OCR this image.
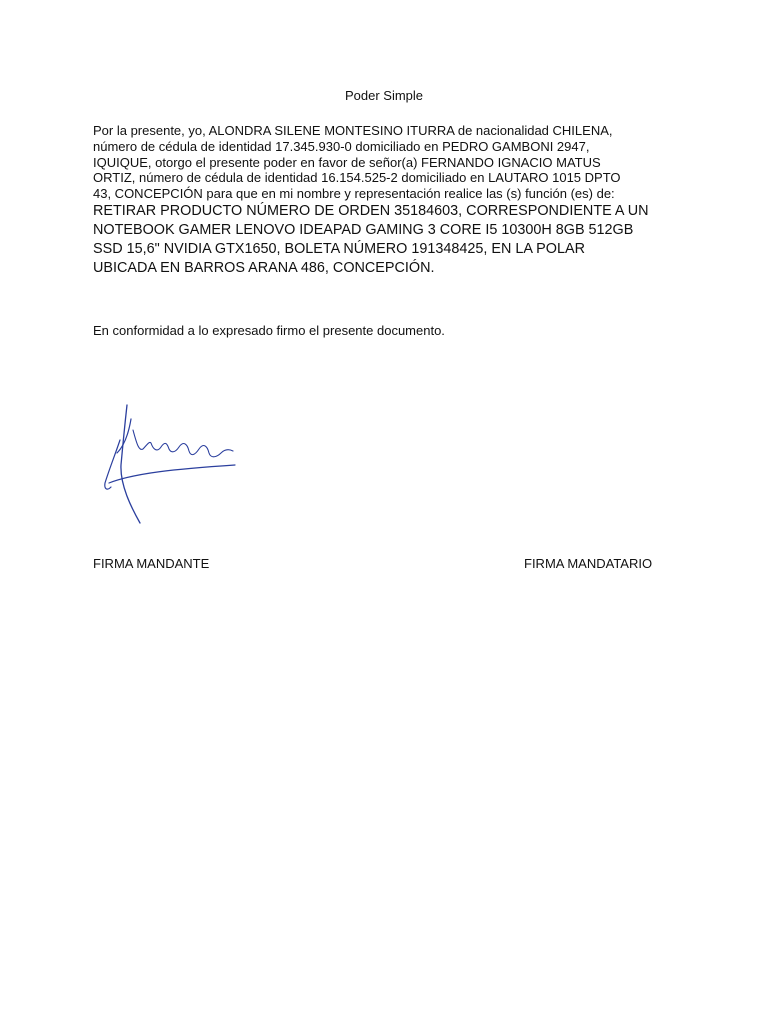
Poder Simple
Por la presente, yo, ALONDRA SILENE MONTESINO ITURRA de nacionalidad CHILENA,
número de cédula de identidad 17.345.930-0 domiciliado en PEDRO GAMBONI 2947,
IQUIQUE, otorgo el presente poder en favor de señor(a) FERNANDO IGNACIO MATUS
ORTIZ, número de cédula de identidad 16.154.525-2 domiciliado en LAUTARO 1015 DPTO
43, CONCEPCIÓN para que en mi nombre y representación realice las (s) función (es) de:
RETIRAR PRODUCTO NÚMERO DE ORDEN 35184603, CORRESPONDIENTE A UN
NOTEBOOK GAMER LENOVO IDEAPAD GAMING 3 CORE I5 10300H 8GB 512GB
SSD 15,6" NVIDIA GTX1650, BOLETA NÚMERO 191348425, EN LA POLAR
UBICADA EN BARROS ARANA 486, CONCEPCIÓN.
En conformidad a lo expresado firmo el presente documento.
FIRMA MANDANTE	FIRMA MANDATARIO
